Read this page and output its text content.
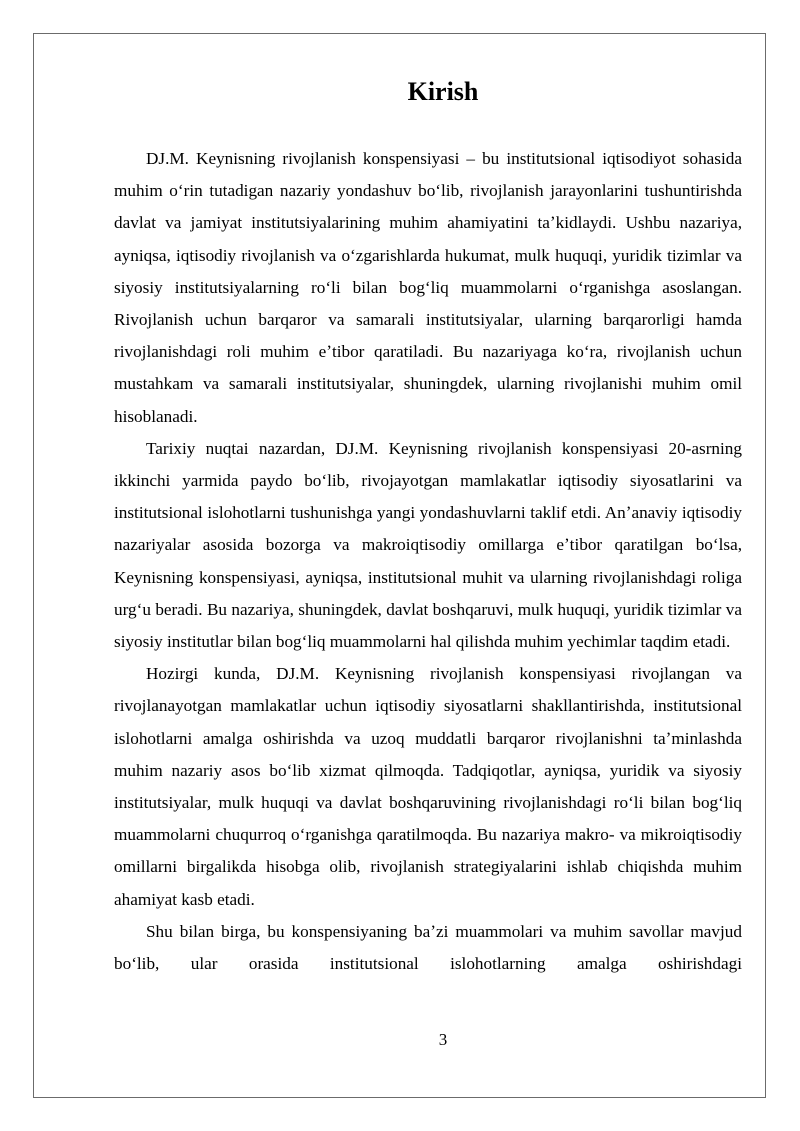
Kirish

DJ.M. Keynisning rivojlanish konspensiyasi – bu institutsional iqtisodiyot sohasida muhim oʻrin tutadigan nazariy yondashuv boʻlib, rivojlanish jarayonlarini tushuntirishda davlat va jamiyat institutsiyalarining muhim ahamiyatini taʼkidlaydi. Ushbu nazariya, ayniqsa, iqtisodiy rivojlanish va oʻzgarishlarda hukumat, mulk huquqi, yuridik tizimlar va siyosiy institutsiyalarning roʻli bilan bogʻliq muammolarni oʻrganishga asoslangan. Rivojlanish uchun barqaror va samarali institutsiyalar, ularning barqarorligi hamda rivojlanishdagi roli muhim eʼtibor qaratiladi. Bu nazariyaga koʻra, rivojlanish uchun mustahkam va samarali institutsiyalar, shuningdek, ularning rivojlanishi muhim omil hisoblanadi.

Tarixiy nuqtai nazardan, DJ.M. Keynisning rivojlanish konspensiyasi 20-asrning ikkinchi yarmida paydo boʻlib, rivojayotgan mamlakatlar iqtisodiy siyosatlarini va institutsional islohotlarni tushunishga yangi yondashuvlarni taklif etdi. Anʼanaviy iqtisodiy nazariyalar asosida bozorga va makroiqtisodiy omillarga eʼtibor qaratilgan boʻlsa, Keynisning konspensiyasi, ayniqsa, institutsional muhit va ularning rivojlanishdagi roliga urgʻu beradi. Bu nazariya, shuningdek, davlat boshqaruvi, mulk huquqi, yuridik tizimlar va siyosiy institutlar bilan bogʻliq muammolarni hal qilishda muhim yechimlar taqdim etadi.

Hozirgi kunda, DJ.M. Keynisning rivojlanish konspensiyasi rivojlangan va rivojlanayotgan mamlakatlar uchun iqtisodiy siyosatlarni shakllantirishda, institutsional islohotlarni amalga oshirishda va uzoq muddatli barqaror rivojlanishni taʼminlashda muhim nazariy asos boʻlib xizmat qilmoqda. Tadqiqotlar, ayniqsa, yuridik va siyosiy institutsiyalar, mulk huquqi va davlat boshqaruvining rivojlanishdagi roʻli bilan bogʻliq muammolarni chuqurroq oʻrganishga qaratilmoqda. Bu nazariya makro- va mikroiqtisodiy omillarni birgalikda hisobga olib, rivojlanish strategiyalarini ishlab chiqishda muhim ahamiyat kasb etadi.

Shu bilan birga, bu konspensiyaning baʼzi muammolari va muhim savollar mavjud boʻlib, ular orasida institutsional islohotlarning amalga oshirishdagi

3
